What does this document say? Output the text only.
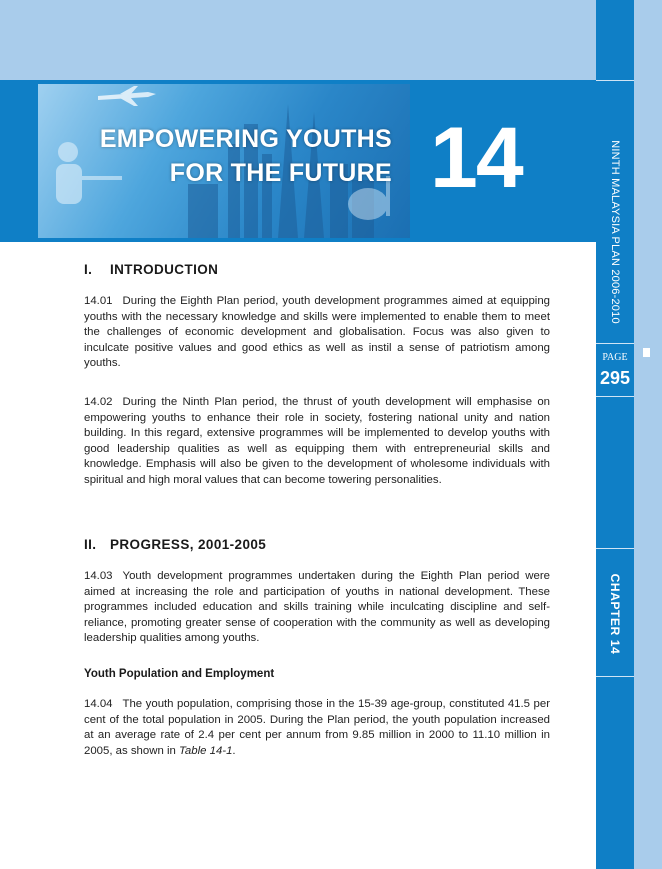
EMPOWERING YOUTHS
FOR THE FUTURE 14	NINTH MALAYSIA PLAN 2006-2010
PAGE
295
CHAPTER 14
I. INTRODUCTION

14.01 During the Eighth Plan period, youth development programmes aimed at equipping youths with the necessary knowledge and skills were implemented to enable them to meet the challenges of economic development and globalisation. Focus was also given to inculcate positive values and good ethics as well as instil a sense of patriotism among youths.

14.02 During the Ninth Plan period, the thrust of youth development will emphasise on empowering youths to enhance their role in society, fostering national unity and nation building. In this regard, extensive programmes will be implemented to develop youths with good leadership qualities as well as equipping them with entrepreneurial skills and knowledge. Emphasis will also be given to the development of wholesome individuals with spiritual and high moral values that can become towering personalities.

II. PROGRESS, 2001-2005

14.03 Youth development programmes undertaken during the Eighth Plan period were aimed at increasing the role and participation of youths in national development. These programmes included education and skills training while inculcating discipline and self-reliance, promoting greater sense of cooperation with the community as well as developing leadership qualities among youths.

Youth Population and Employment

14.04 The youth population, comprising those in the 15-39 age-group, constituted 41.5 per cent of the total population in 2005. During the Plan period, the youth population increased at an average rate of 2.4 per cent per annum from 9.85 million in 2000 to 11.10 million in 2005, as shown in Table 14-1.
